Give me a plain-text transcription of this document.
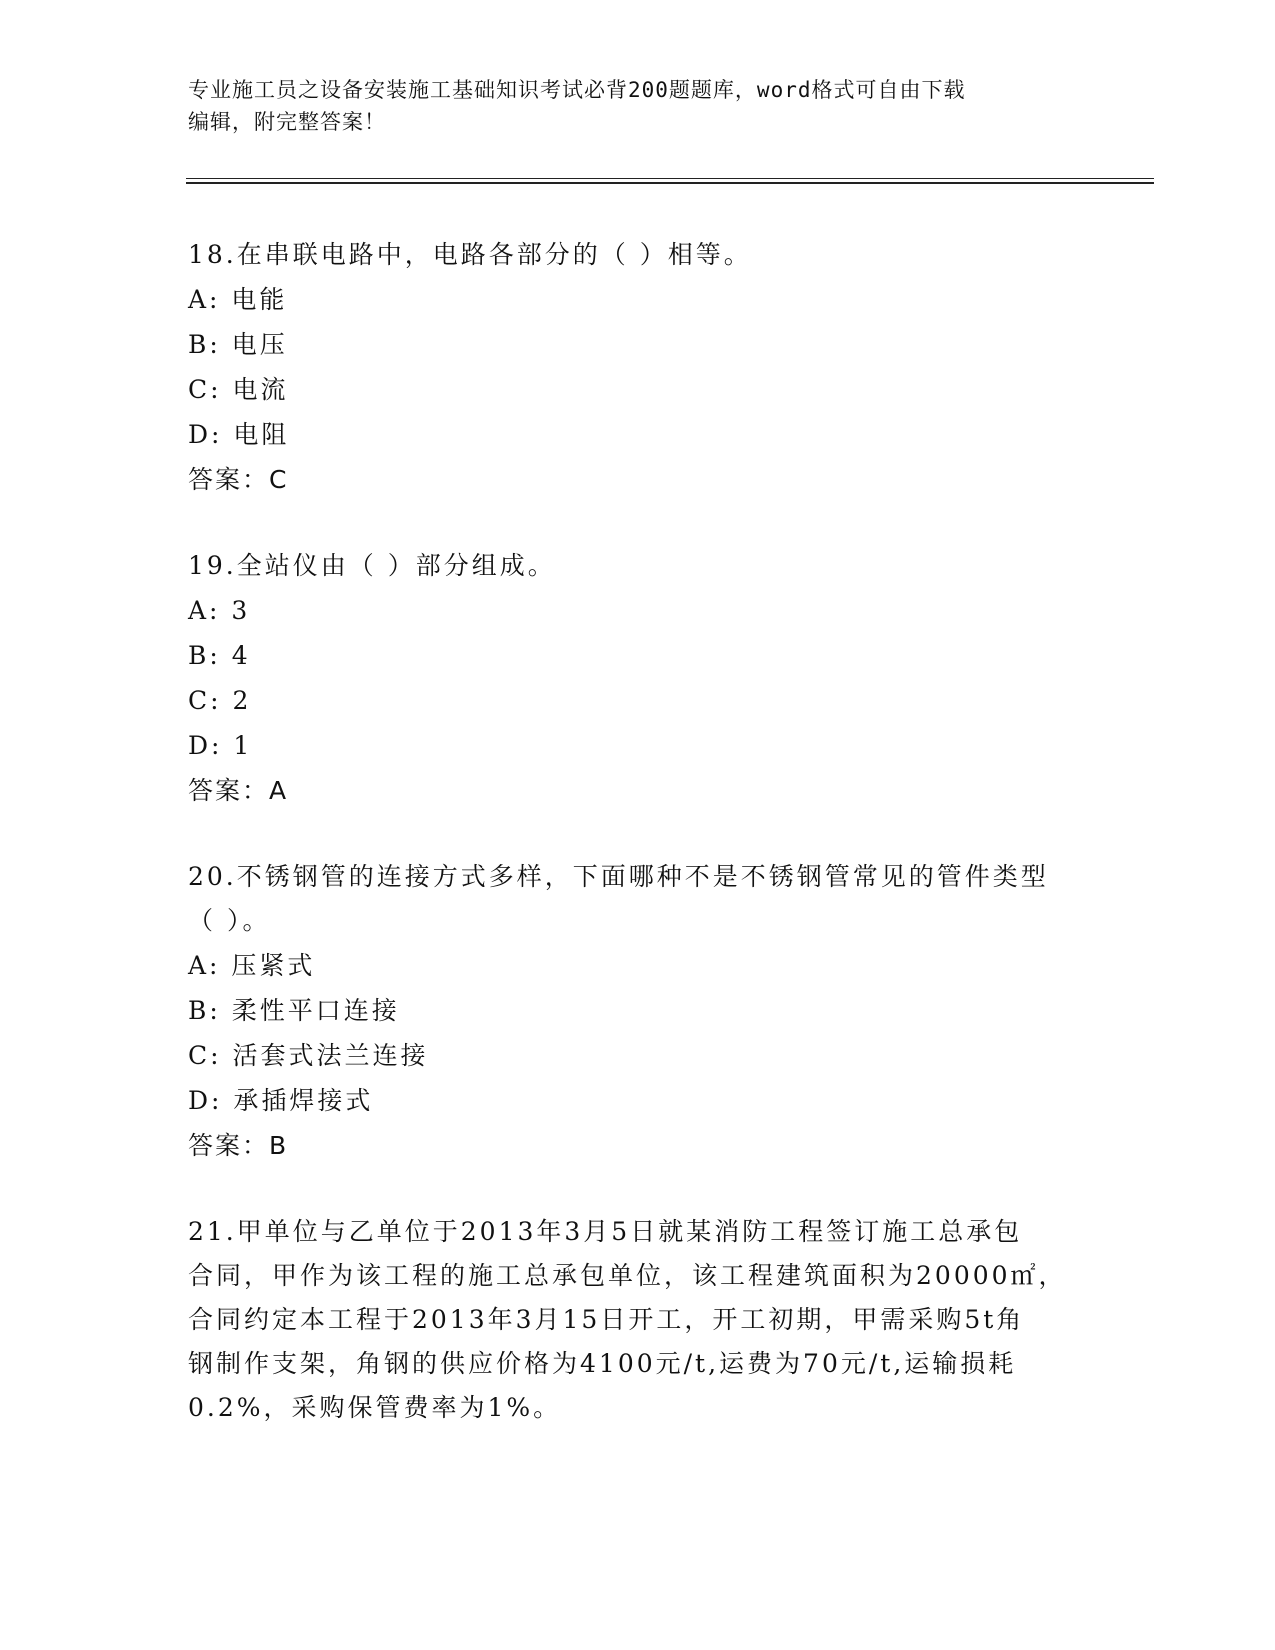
专业施工员之设备安装施工基础知识考试必背200题题库，word格式可自由下载
编辑，附完整答案！

18.在串联电路中，电路各部分的（ ）相等。

A: 电能

B: 电压

C: 电流

D: 电阻

答案：C

19.全站仪由（ ）部分组成。

A: 3

B: 4

C: 2

D: 1

答案：A

20.不锈钢管的连接方式多样，下面哪种不是不锈钢管常见的管件类型

（ ）。

A: 压紧式

B: 柔性平口连接

C: 活套式法兰连接

D: 承插焊接式

答案：B

21.甲单位与乙单位于2013年3月5日就某消防工程签订施工总承包

合同，甲作为该工程的施工总承包单位，该工程建筑面积为20000㎡，

合同约定本工程于2013年3月15日开工，开工初期，甲需采购5t角

钢制作支架，角钢的供应价格为4100元/t,运费为70元/t,运输损耗

0.2%，采购保管费率为1%。
